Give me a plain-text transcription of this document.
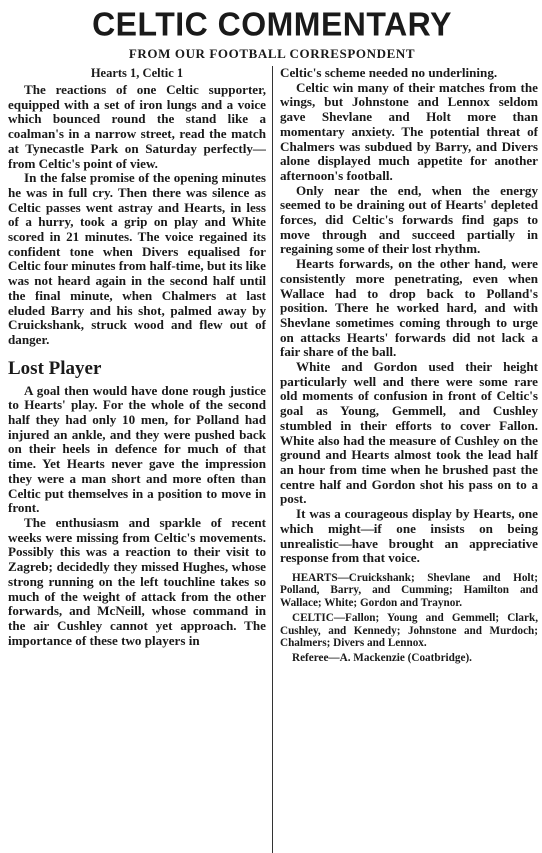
CELTIC COMMENTARY
FROM OUR FOOTBALL CORRESPONDENT
Hearts 1, Celtic 1

The reactions of one Celtic supporter, equipped with a set of iron lungs and a voice which bounced round the stand like a coalman's in a narrow street, read the match at Tynecastle Park on Saturday perfectly—from Celtic's point of view.

In the false promise of the opening minutes he was in full cry. Then there was silence as Celtic passes went astray and Hearts, in less of a hurry, took a grip on play and White scored in 21 minutes. The voice regained its confident tone when Divers equalised for Celtic four minutes from half-time, but its like was not heard again in the second half until the final minute, when Chalmers at last eluded Barry and his shot, palmed away by Cruickshank, struck wood and flew out of danger.

Lost Player

A goal then would have done rough justice to Hearts' play. For the whole of the second half they had only 10 men, for Polland had injured an ankle, and they were pushed back on their heels in defence for much of that time. Yet Hearts never gave the impression they were a man short and more often than Celtic put themselves in a position to move in front.

The enthusiasm and sparkle of recent weeks were missing from Celtic's movements. Possibly this was a reaction to their visit to Zagreb; decidedly they missed Hughes, whose strong running on the left touchline takes so much of the weight of attack from the other forwards, and McNeill, whose command in the air Cushley cannot yet approach. The importance of these two players in

Celtic's scheme needed no underlining.

Celtic win many of their matches from the wings, but Johnstone and Lennox seldom gave Shevlane and Holt more than momentary anxiety. The potential threat of Chalmers was subdued by Barry, and Divers alone displayed much appetite for another afternoon's football.

Only near the end, when the energy seemed to be draining out of Hearts' depleted forces, did Celtic's forwards find gaps to move through and succeed partially in regaining some of their lost rhythm.

Hearts forwards, on the other hand, were consistently more penetrating, even when Wallace had to drop back to Polland's position. There he worked hard, and with Shevlane sometimes coming through to urge on attacks Hearts' forwards did not lack a fair share of the ball.

White and Gordon used their height particularly well and there were some rare old moments of confusion in front of Celtic's goal as Young, Gemmell, and Cushley stumbled in their efforts to cover Fallon. White also had the measure of Cushley on the ground and Hearts almost took the lead half an hour from time when he brushed past the centre half and Gordon shot his pass on to a post.

It was a courageous display by Hearts, one which might—if one insists on being unrealistic—have brought an appreciative response from that voice.

HEARTS—Cruickshank; Shevlane and Holt; Polland, Barry, and Cumming; Hamilton and Wallace; White; Gordon and Traynor.

CELTIC—Fallon; Young and Gemmell; Clark, Cushley, and Kennedy; Johnstone and Murdoch; Chalmers; Divers and Lennox.

Referee—A. Mackenzie (Coatbridge).
